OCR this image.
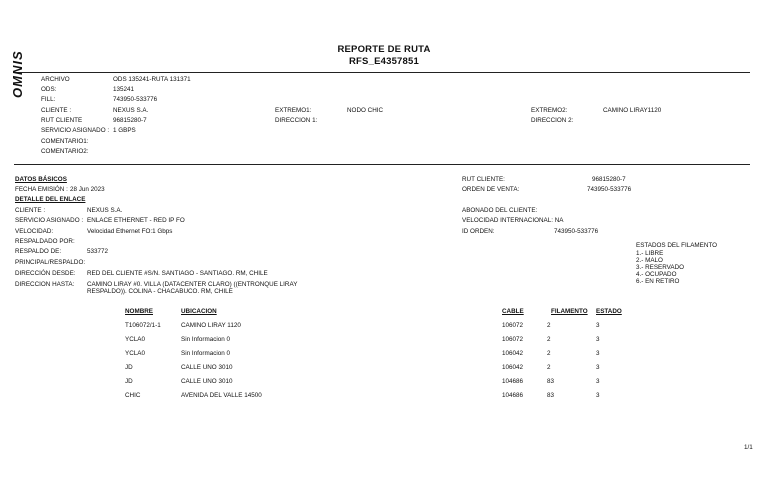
REPORTE DE RUTA
RFS_E4357851
OMNIS	ARCHIVO	ODS 135241-RUTA 131371
ODS:	135241
FILL:	743950-533776
CLIENTE :	NEXUS S.A.
RUT CLIENTE	96815280-7
SERVICIO ASIGNADO : 1 GBPS
COMENTARIO1:
COMENTARIO2:
EXTREMO1:	NODO CHIC
DIRECCION 1:
EXTREMO2:	CAMINO LIRAY1120
DIRECCION 2:
DATOS BÁSICOS
FECHA EMISIÓN : 28 Jun 2023
RUT CLIENTE:	96815280-7
ORDEN DE VENTA:	743950-533776
DETALLE DEL ENLACE
CLIENTE :	NEXUS S.A.
SERVICIO ASIGNADO : ENLACE ETHERNET - RED IP FO
VELOCIDAD:	Velocidad Ethernet FO:1 Gbps
RESPALDADO POR:
RESPALDO DE:	533772
PRINCIPAL/RESPALDO:
DIRECCIÓN DESDE: RED DEL CLIENTE #S/N. SANTIAGO - SANTIAGO. RM, CHILE
DIRECCION HASTA: CAMINO LIRAY #0. VILLA (DATACENTER CLARO) ((ENTRONQUE LIRAY RESPALDO)). COLINA - CHACABUCO. RM, CHILE
ABONADO DEL CLIENTE:
VELOCIDAD INTERNACIONAL: NA
ID ORDEN:	743950-533776
ESTADOS DEL FILAMENTO
1.- LIBRE
2.- MALO
3.- RESERVADO
4.- OCUPADO
6.- EN RETIRO
NOMBRE	UBICACION	CABLE	FILAMENTO ESTADO
T106072/1-1	CAMINO LIRAY 1120	106072	2	3
YCLA0	Sin Informacion 0	106072	2	3
YCLA0	Sin Informacion 0	106042	2	3
JD	CALLE UNO 3010	106042	2	3
JD	CALLE UNO 3010	104686	83	3
CHIC	AVENIDA DEL VALLE 14500	104686	83	3
1/1
